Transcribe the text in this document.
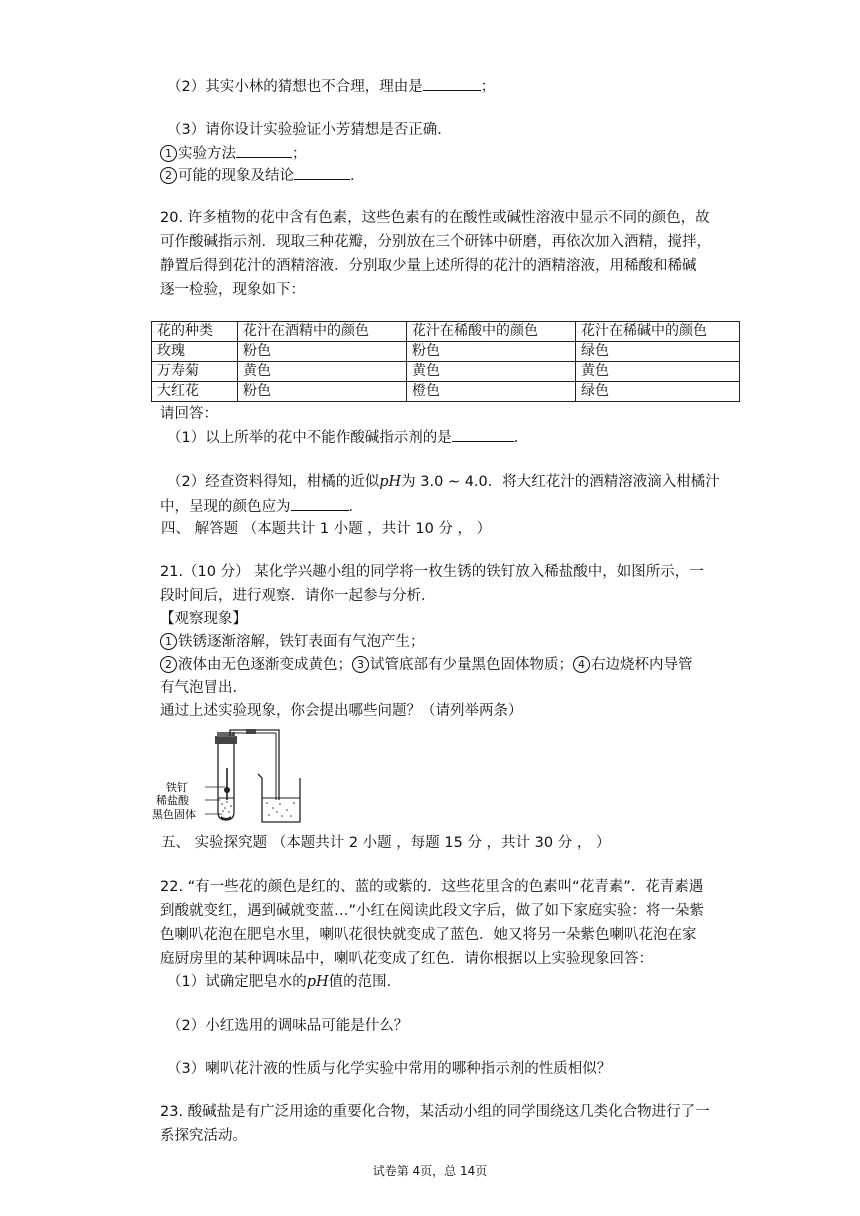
（2）其实小林的猜想也不合理，理由是	；
（3）请你设计实验验证小芳猜想是否正确．
1 实验方法	；
2 可能的现象及结论	．
20. 许多植物的花中含有色素，这些色素有的在酸性或碱性溶液中显示不同的颜色，故
可作酸碱指示剂．现取三种花瓣，分别放在三个研钵中研磨，再依次加入酒精，搅拌，
静置后得到花汁的酒精溶液．分别取少量上述所得的花汁的酒精溶液，用稀酸和稀碱
逐一检验，现象如下：
花的种类	花汁在酒精中的颜色	花汁在稀酸中的颜色	花汁在稀碱中的颜色
玫瑰	粉色	粉色	绿色
万寿菊	黄色	黄色	黄色
大红花	粉色	橙色	绿色
请回答：
（1）以上所举的花中不能作酸碱指示剂的是	．
（2）经查资料得知，柑橘的近似pH为 3.0 ∼ 4.0．将大红花汁的酒精溶液滴入柑橘汁
中，呈现的颜色应为	．
四、 解答题 （本题共计 1 小题 ，共计 10 分 ， ）
21.（10 分） 某化学兴趣小组的同学将一枚生锈的铁钉放入稀盐酸中，如图所示，一
段时间后，进行观察．请你一起参与分析．
【观察现象】
1 铁锈逐渐溶解，铁钉表面有气泡产生；
2 液体由无色逐渐变成黄色； 3 试管底部有少量黑色固体物质； 4 右边烧杯内导管
有气泡冒出．
通过上述实验现象，你会提出哪些问题？（请列举两条）
铁钉
稀盐酸
黑色固体
五、 实验探究题 （本题共计 2 小题 ，每题 15 分 ，共计 30 分 ， ）
22. “有一些花的颜色是红的、蓝的或紫的．这些花里含的色素叫“花青素”．花青素遇
到酸就变红，遇到碱就变蓝…”小红在阅读此段文字后，做了如下家庭实验：将一朵紫
色喇叭花泡在肥皂水里，喇叭花很快就变成了蓝色．她又将另一朵紫色喇叭花泡在家
庭厨房里的某种调味品中，喇叭花变成了红色．请你根据以上实验现象回答：
（1）试确定肥皂水的pH值的范围．
（2）小红选用的调味品可能是什么？
（3）喇叭花汁液的性质与化学实验中常用的哪种指示剂的性质相似？
23. 酸碱盐是有广泛用途的重要化合物，某活动小组的同学围绕这几类化合物进行了一
系探究活动。
试卷第 4页，总 14页
